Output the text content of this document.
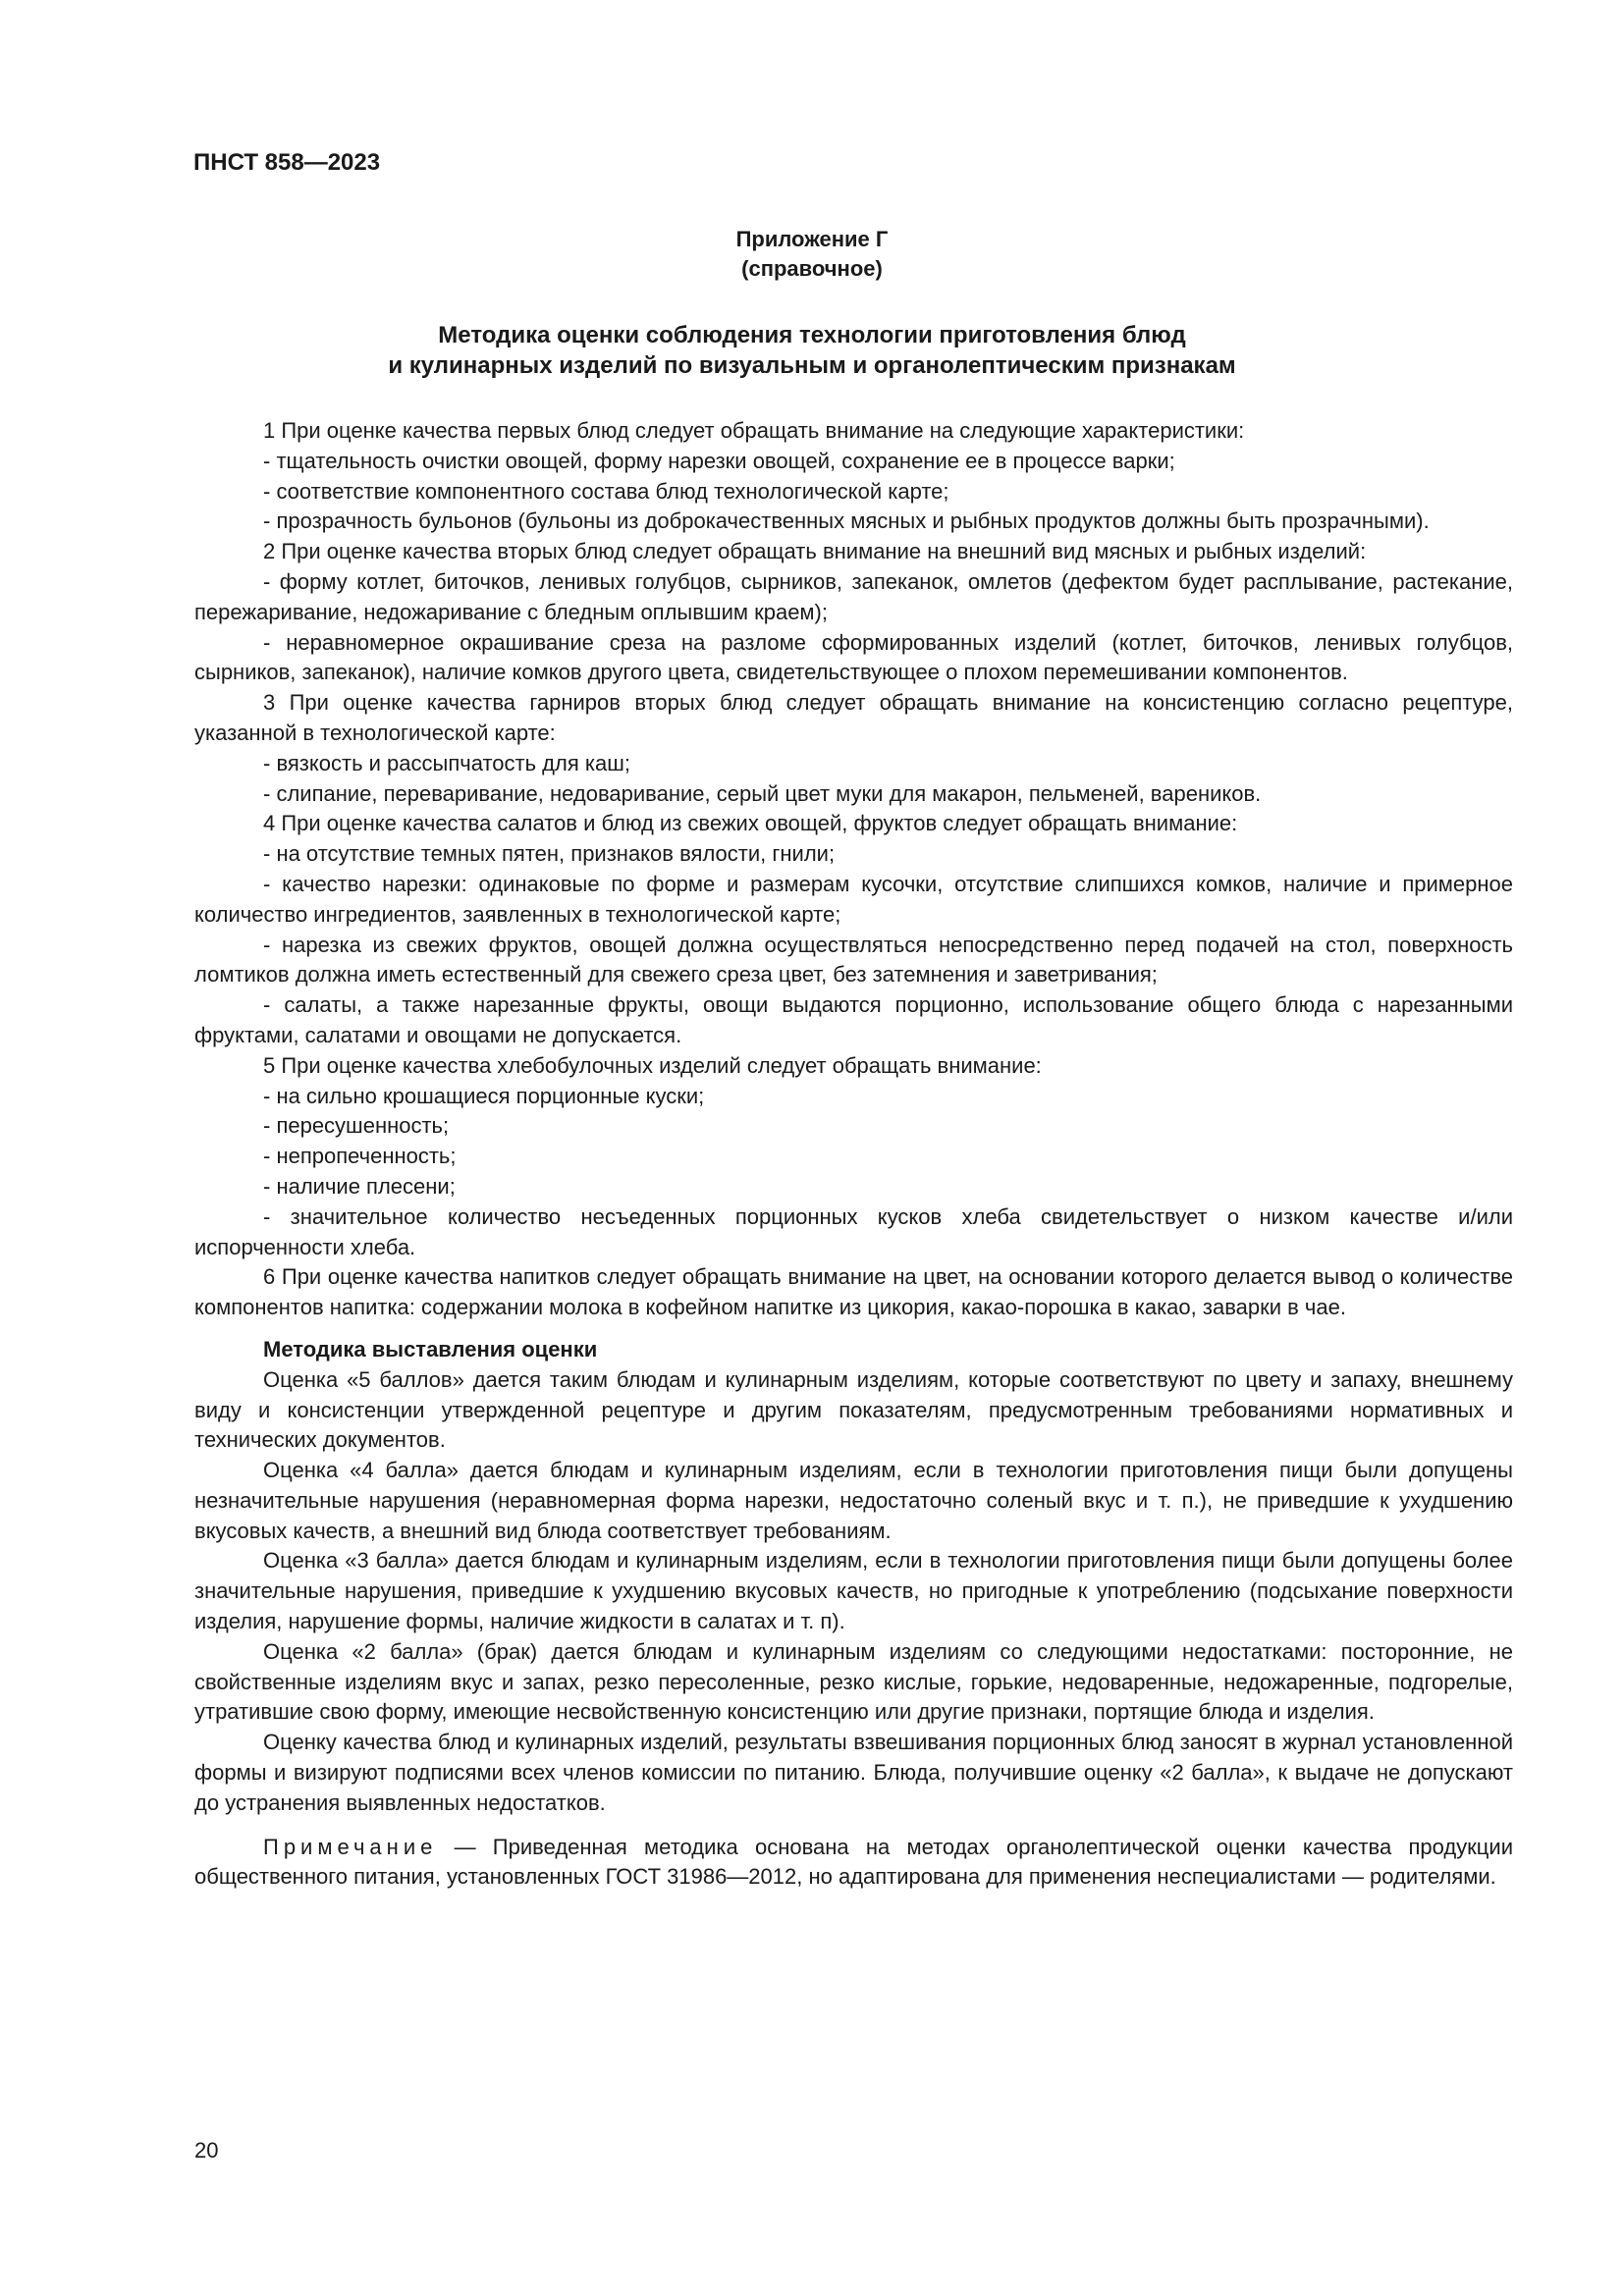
ПНСТ 858—2023
Приложение Г
(справочное)
Методика оценки соблюдения технологии приготовления блюд
и кулинарных изделий по визуальным и органолептическим признакам

1 При оценке качества первых блюд следует обращать внимание на следующие характеристики:

- тщательность очистки овощей, форму нарезки овощей, сохранение ее в процессе варки;

- соответствие компонентного состава блюд технологической карте;

- прозрачность бульонов (бульоны из доброкачественных мясных и рыбных продуктов должны быть прозрачными).

2 При оценке качества вторых блюд следует обращать внимание на внешний вид мясных и рыбных изделий:

- форму котлет, биточков, ленивых голубцов, сырников, запеканок, омлетов (дефектом будет расплывание, растекание, пережаривание, недожаривание с бледным оплывшим краем);

- неравномерное окрашивание среза на разломе сформированных изделий (котлет, биточков, ленивых голубцов, сырников, запеканок), наличие комков другого цвета, свидетельствующее о плохом перемешивании компонентов.

3 При оценке качества гарниров вторых блюд следует обращать внимание на консистенцию согласно рецептуре, указанной в технологической карте:

- вязкость и рассыпчатость для каш;

- слипание, переваривание, недоваривание, серый цвет муки для макарон, пельменей, вареников.

4 При оценке качества салатов и блюд из свежих овощей, фруктов следует обращать внимание:

- на отсутствие темных пятен, признаков вялости, гнили;

- качество нарезки: одинаковые по форме и размерам кусочки, отсутствие слипшихся комков, наличие и примерное количество ингредиентов, заявленных в технологической карте;

- нарезка из свежих фруктов, овощей должна осуществляться непосредственно перед подачей на стол, поверхность ломтиков должна иметь естественный для свежего среза цвет, без затемнения и заветривания;

- салаты, а также нарезанные фрукты, овощи выдаются порционно, использование общего блюда с нарезанными фруктами, салатами и овощами не допускается.

5 При оценке качества хлебобулочных изделий следует обращать внимание:

- на сильно крошащиеся порционные куски;

- пересушенность;

- непропеченность;

- наличие плесени;

- значительное количество несъеденных порционных кусков хлеба свидетельствует о низком качестве и/или испорченности хлеба.

6 При оценке качества напитков следует обращать внимание на цвет, на основании которого делается вывод о количестве компонентов напитка: содержании молока в кофейном напитке из цикория, какао-порошка в какао, заварки в чае.

Методика выставления оценки

Оценка «5 баллов» дается таким блюдам и кулинарным изделиям, которые соответствуют по цвету и запаху, внешнему виду и консистенции утвержденной рецептуре и другим показателям, предусмотренным требованиями нормативных и технических документов.

Оценка «4 балла» дается блюдам и кулинарным изделиям, если в технологии приготовления пищи были допущены незначительные нарушения (неравномерная форма нарезки, недостаточно соленый вкус и т. п.), не приведшие к ухудшению вкусовых качеств, а внешний вид блюда соответствует требованиям.

Оценка «3 балла» дается блюдам и кулинарным изделиям, если в технологии приготовления пищи были допущены более значительные нарушения, приведшие к ухудшению вкусовых качеств, но пригодные к употреблению (подсыхание поверхности изделия, нарушение формы, наличие жидкости в салатах и т. п).

Оценка «2 балла» (брак) дается блюдам и кулинарным изделиям со следующими недостатками: посторонние, не свойственные изделиям вкус и запах, резко пересоленные, резко кислые, горькие, недоваренные, недожаренные, подгорелые, утратившие свою форму, имеющие несвойственную консистенцию или другие признаки, портящие блюда и изделия.

Оценку качества блюд и кулинарных изделий, результаты взвешивания порционных блюд заносят в журнал установленной формы и визируют подписями всех членов комиссии по питанию. Блюда, получившие оценку «2 балла», к выдаче не допускают до устранения выявленных недостатков.

Примечание — Приведенная методика основана на методах органолептической оценки качества продукции общественного питания, установленных ГОСТ 31986—2012, но адаптирована для применения неспециалистами — родителями.

20
